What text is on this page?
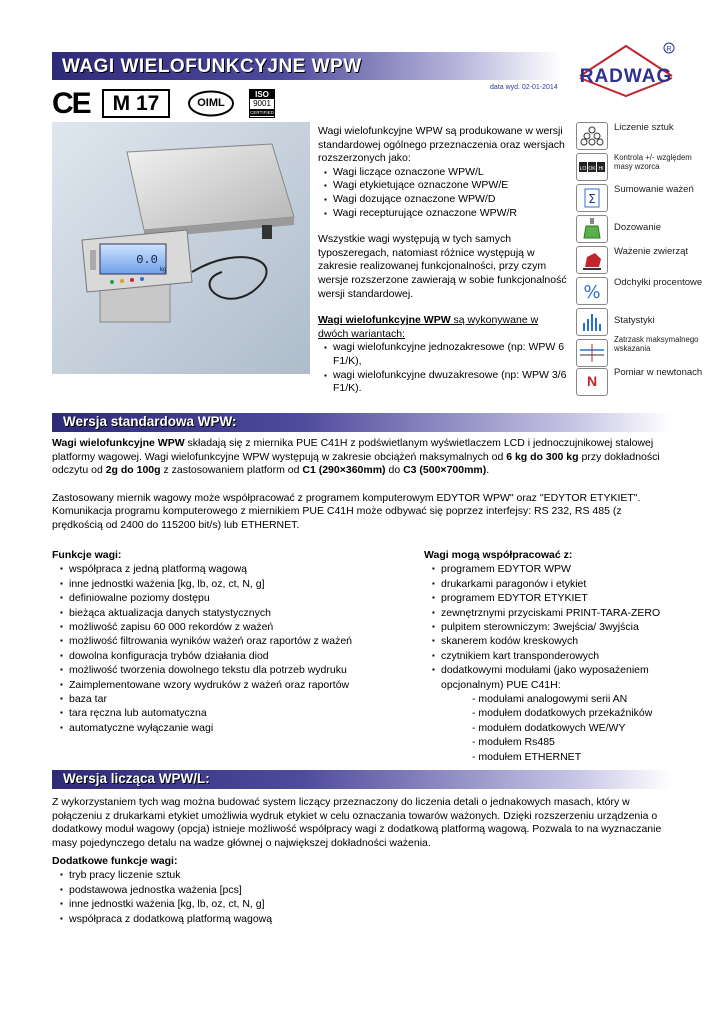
WAGI WIELOFUNKCYJNE WPW
data wyd. 02-01-2014
RADWAG
R
CE	M 17	OIML
ISO
9001
CERTIFIED
0.0
kg

Wagi wielofunkcyjne WPW są produkowane w wersji standardowej ogólnego przeznaczenia oraz wersjach rozszerzonych jako:

▪ Wagi liczące oznaczone WPW/L
▪ Wagi etykietujące oznaczone WPW/E
▪ Wagi dozujące oznaczone WPW/D
▪ Wagi recepturujące oznaczone WPW/R

Wszystkie wagi występują w tych samych typoszeregach, natomiast różnice występują w zakresie realizowanej funkcjonalności, przy czym wersje rozszerzone zawierają w sobie funkcjonalność wersji standardowej.

Wagi wielofunkcyjne WPW są wykonywane w dwóch wariantach:

▪ wagi wielofunkcyjne jednozakresowe (np: WPW 6 F1/K),
▪ wagi wielofunkcyjne dwuzakresowe (np: WPW 3/6 F1/K).
Liczenie sztuk
LO OK HI
Kontrola +/- względem masy wzorca
Σ
Sumowanie ważeń
Dozowanie
Ważenie zwierząt
% Odchyłki procentowe
Statystyki
Zatrzask maksymalnego wskazania
N
Pomiar w newtonach
Wersja standardowa WPW:

Wagi wielofunkcyjne WPW składają się z miernika PUE C41H z podświetlanym wyświetlaczem LCD i jednoczujnikowej stalowej platformy wagowej. Wagi wielofunkcyjne WPW występują w zakresie obciążeń maksymalnych od 6 kg do 300 kg przy dokładności odczytu od 2g do 100g z zastosowaniem platform od C1 (290×360mm) do C3 (500×700mm).

Zastosowany miernik wagowy może współpracować z programem komputerowym EDYTOR WPW" oraz "EDYTOR ETYKIET". Komunikacja programu komputerowego z miernikiem PUE C41H może odbywać się poprzez interfejsy: RS 232, RS 485 (z prędkością od 2400 do 115200 bit/s) lub ETHERNET.

Funkcje wagi:
▪ współpraca z jedną platformą wagową
▪ inne jednostki ważenia [kg, lb, oz, ct, N, g]
▪ definiowalne poziomy dostępu
▪ bieżąca aktualizacja danych statystycznych
▪ możliwość zapisu 60 000 rekordów z ważeń
▪ możliwość filtrowania wyników ważeń oraz raportów z ważeń
▪ dowolna konfiguracja trybów działania diod
▪ możliwość tworzenia dowolnego tekstu dla potrzeb wydruku
▪ Zaimplementowane wzory wydruków z ważeń oraz raportów
▪ baza tar
▪ tara ręczna lub automatyczna
▪ automatyczne wyłączanie wagi
Wagi mogą współpracować z:
▪ programem EDYTOR WPW
▪ drukarkami paragonów i etykiet
▪ programem EDYTOR ETYKIET
▪ zewnętrznymi przyciskami PRINT-TARA-ZERO
▪ pulpitem sterowniczym: 3wejścia/ 3wyjścia
▪ skanerem kodów kreskowych
▪ czytnikiem kart transponderowych
▪ dodatkowymi modułami (jako wyposażeniem
opcjonalnym) PUE C41H:
- modułami analogowymi serii AN
- modułem dodatkowych przekaźników
- modułem dodatkowych WE/WY
- modułem Rs485
- modułem ETHERNET
Wersja licząca WPW/L:

Z wykorzystaniem tych wag można budować system liczący przeznaczony do liczenia detali o jednakowych masach, który w połączeniu z drukarkami etykiet umożliwia wydruk etykiet w celu oznaczania towarów ważonych. Dzięki rozszerzeniu urządzenia o dodatkowy moduł wagowy (opcja) istnieje możliwość współpracy wagi z dodatkową platformą wagową. Pozwala to na wyznaczanie masy pojedynczego detalu na wadze głównej o największej dokładności ważenia.

Dodatkowe funkcje wagi:
▪ tryb pracy liczenie sztuk
▪ podstawowa jednostka ważenia [pcs]
▪ inne jednostki ważenia [kg, lb, oz, ct, N, g]
▪ współpraca z dodatkową platformą wagową
